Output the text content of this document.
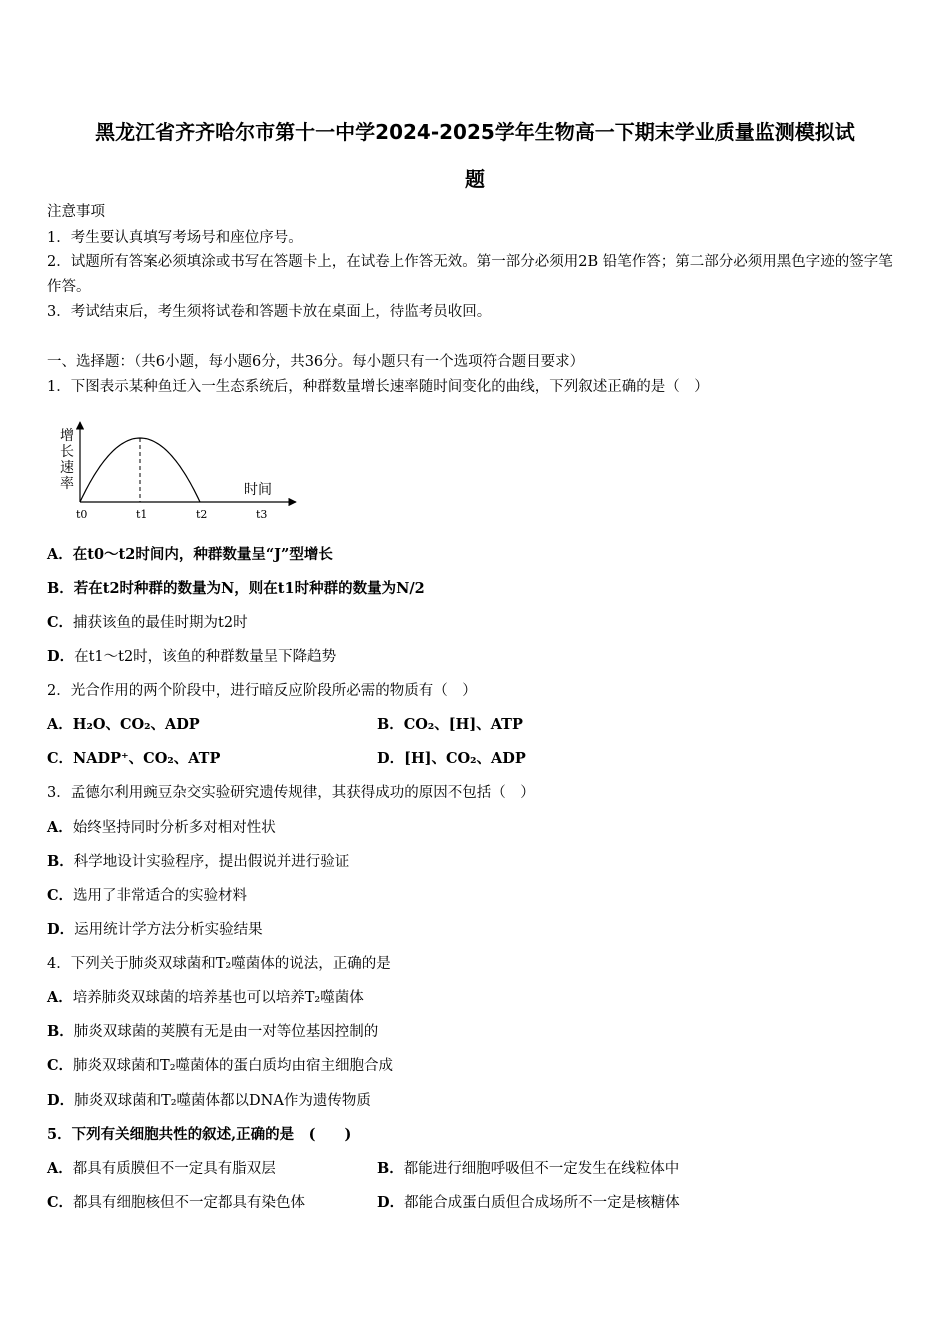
黑龙江省齐齐哈尔市第十一中学2024-2025学年生物高一下期末学业质量监测模拟试
题
注意事项
1．考生要认真填写考场号和座位序号。
2．试题所有答案必须填涂或书写在答题卡上，在试卷上作答无效。第一部分必须用2B 铅笔作答；第二部分必须用黑色字迹的签字笔作答。
3．考试结束后，考生须将试卷和答题卡放在桌面上，待监考员收回。
一、选择题：（共6小题，每小题6分，共36分。每小题只有一个选项符合题目要求）
1．下图表示某种鱼迁入一生态系统后，种群数量增长速率随时间变化的曲线，下列叙述正确的是（　）
增
长
速
率	时间
t0	t1	t2	t3
A．在t0～t2时间内，种群数量呈“J”型增长
B．若在t2时种群的数量为N，则在t1时种群的数量为N/2
C．捕获该鱼的最佳时期为t2时
D．在t1～t2时，该鱼的种群数量呈下降趋势
2．光合作用的两个阶段中，进行暗反应阶段所必需的物质有（　）
A．H₂O、CO₂、ADP	B．CO₂、[H]、ATP
C．NADP⁺、CO₂、ATP	D．[H]、CO₂、ADP
3．孟德尔利用豌豆杂交实验研究遗传规律，其获得成功的原因不包括（　）
A．始终坚持同时分析多对相对性状
B．科学地设计实验程序，提出假说并进行验证
C．选用了非常适合的实验材料
D．运用统计学方法分析实验结果
4．下列关于肺炎双球菌和T₂噬菌体的说法，正确的是
A．培养肺炎双球菌的培养基也可以培养T₂噬菌体
B．肺炎双球菌的荚膜有无是由一对等位基因控制的
C．肺炎双球菌和T₂噬菌体的蛋白质均由宿主细胞合成
D．肺炎双球菌和T₂噬菌体都以DNA作为遗传物质
5．下列有关细胞共性的叙述,正确的是　(　　)
A．都具有质膜但不一定具有脂双层	B．都能进行细胞呼吸但不一定发生在线粒体中
C．都具有细胞核但不一定都具有染色体	D．都能合成蛋白质但合成场所不一定是核糖体
